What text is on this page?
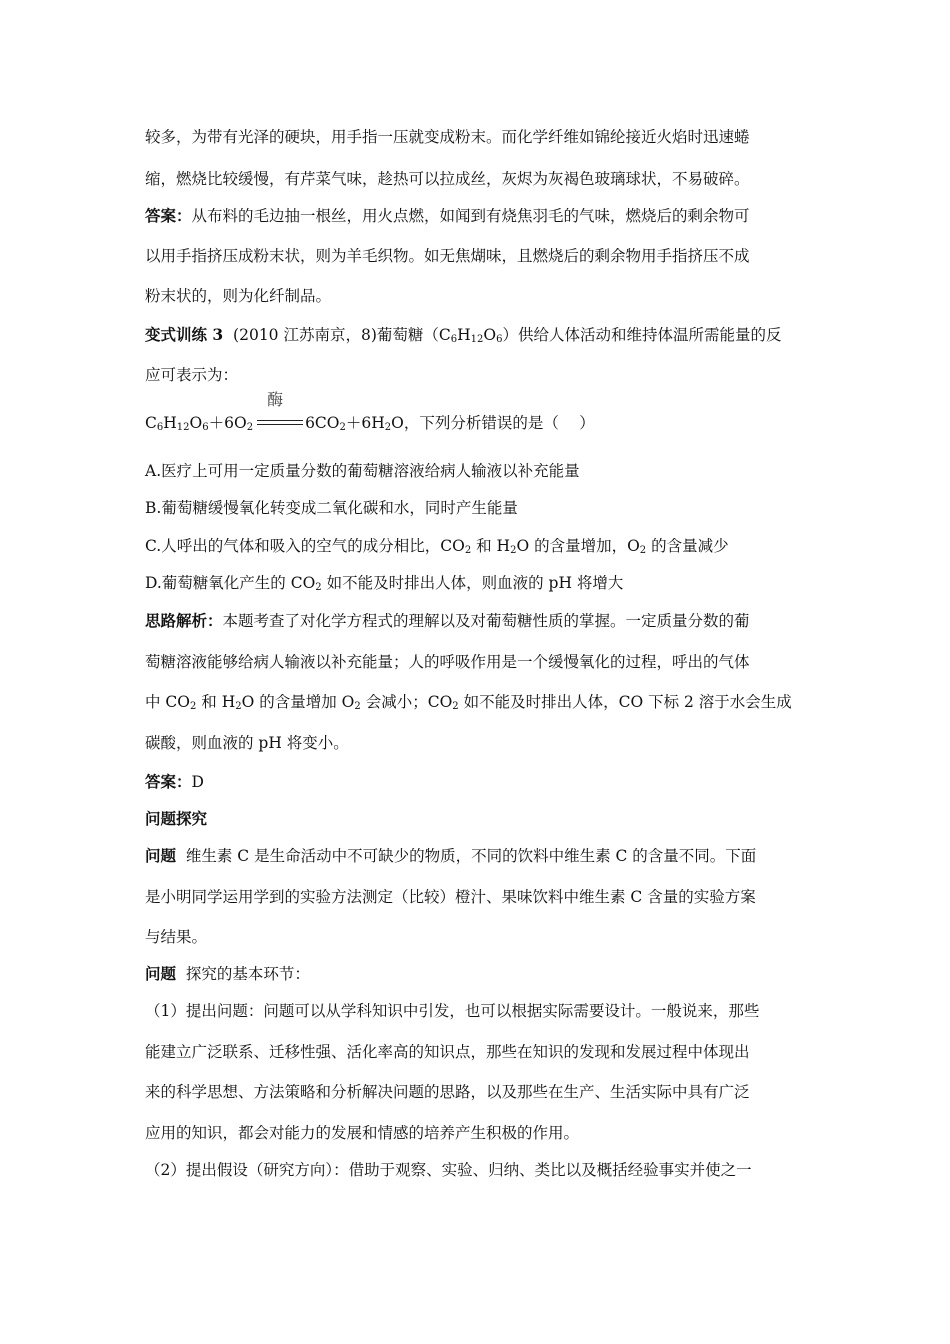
较多，为带有光泽的硬块，用手指一压就变成粉末。而化学纤维如锦纶接近火焰时迅速蜷
缩，燃烧比较缓慢，有芹菜气味，趁热可以拉成丝，灰烬为灰褐色玻璃球状，不易破碎。
答案：从布料的毛边抽一根丝，用火点燃，如闻到有烧焦羽毛的气味，燃烧后的剩余物可
以用手指挤压成粉末状，则为羊毛织物。如无焦煳味，且燃烧后的剩余物用手指挤压不成
粉末状的，则为化纤制品。
变式训练 3 (2010 江苏南京，8)葡萄糖$(C_6H_{12}O_6)$供给人体活动和维持体温所需能量的反
应可表示为：
$C_6H_{12}O_6+6O_2$
酶
$6CO_2+6H_2O$，下列分析错误的是（　 ）
A.医疗上可用一定质量分数的葡萄糖溶液给病人输液以补充能量
B.葡萄糖缓慢氧化转变成二氧化碳和水，同时产生能量
C.人呼出的气体和吸入的空气的成分相比，$CO_2$ 和 $H_2O$ 的含量增加，$O_2$ 的含量减少
D.葡萄糖氧化产生的 $CO_2$ 如不能及时排出人体，则血液的 pH 将增大
思路解析：本题考查了对化学方程式的理解以及对葡萄糖性质的掌握。一定质量分数的葡
萄糖溶液能够给病人输液以补充能量；人的呼吸作用是一个缓慢氧化的过程，呼出的气体
中 $CO_2$ 和 $H_2O$ 的含量增加 $O_2$ 会减小；$CO_2$ 如不能及时排出人体，CO 下标 2 溶于水会生成
碳酸，则血液的 pH 将变小。
答案：D
问题探究
问题 维生素 C 是生命活动中不可缺少的物质，不同的饮料中维生素 C 的含量不同。下面
是小明同学运用学到的实验方法测定（比较）橙汁、果味饮料中维生素 C 含量的实验方案
与结果。
问题 探究的基本环节：
（1）提出问题：问题可以从学科知识中引发，也可以根据实际需要设计。一般说来，那些
能建立广泛联系、迁移性强、活化率高的知识点，那些在知识的发现和发展过程中体现出
来的科学思想、方法策略和分析解决问题的思路，以及那些在生产、生活实际中具有广泛
应用的知识，都会对能力的发展和情感的培养产生积极的作用。
（2）提出假设（研究方向）：借助于观察、实验、归纳、类比以及概括经验事实并使之一
